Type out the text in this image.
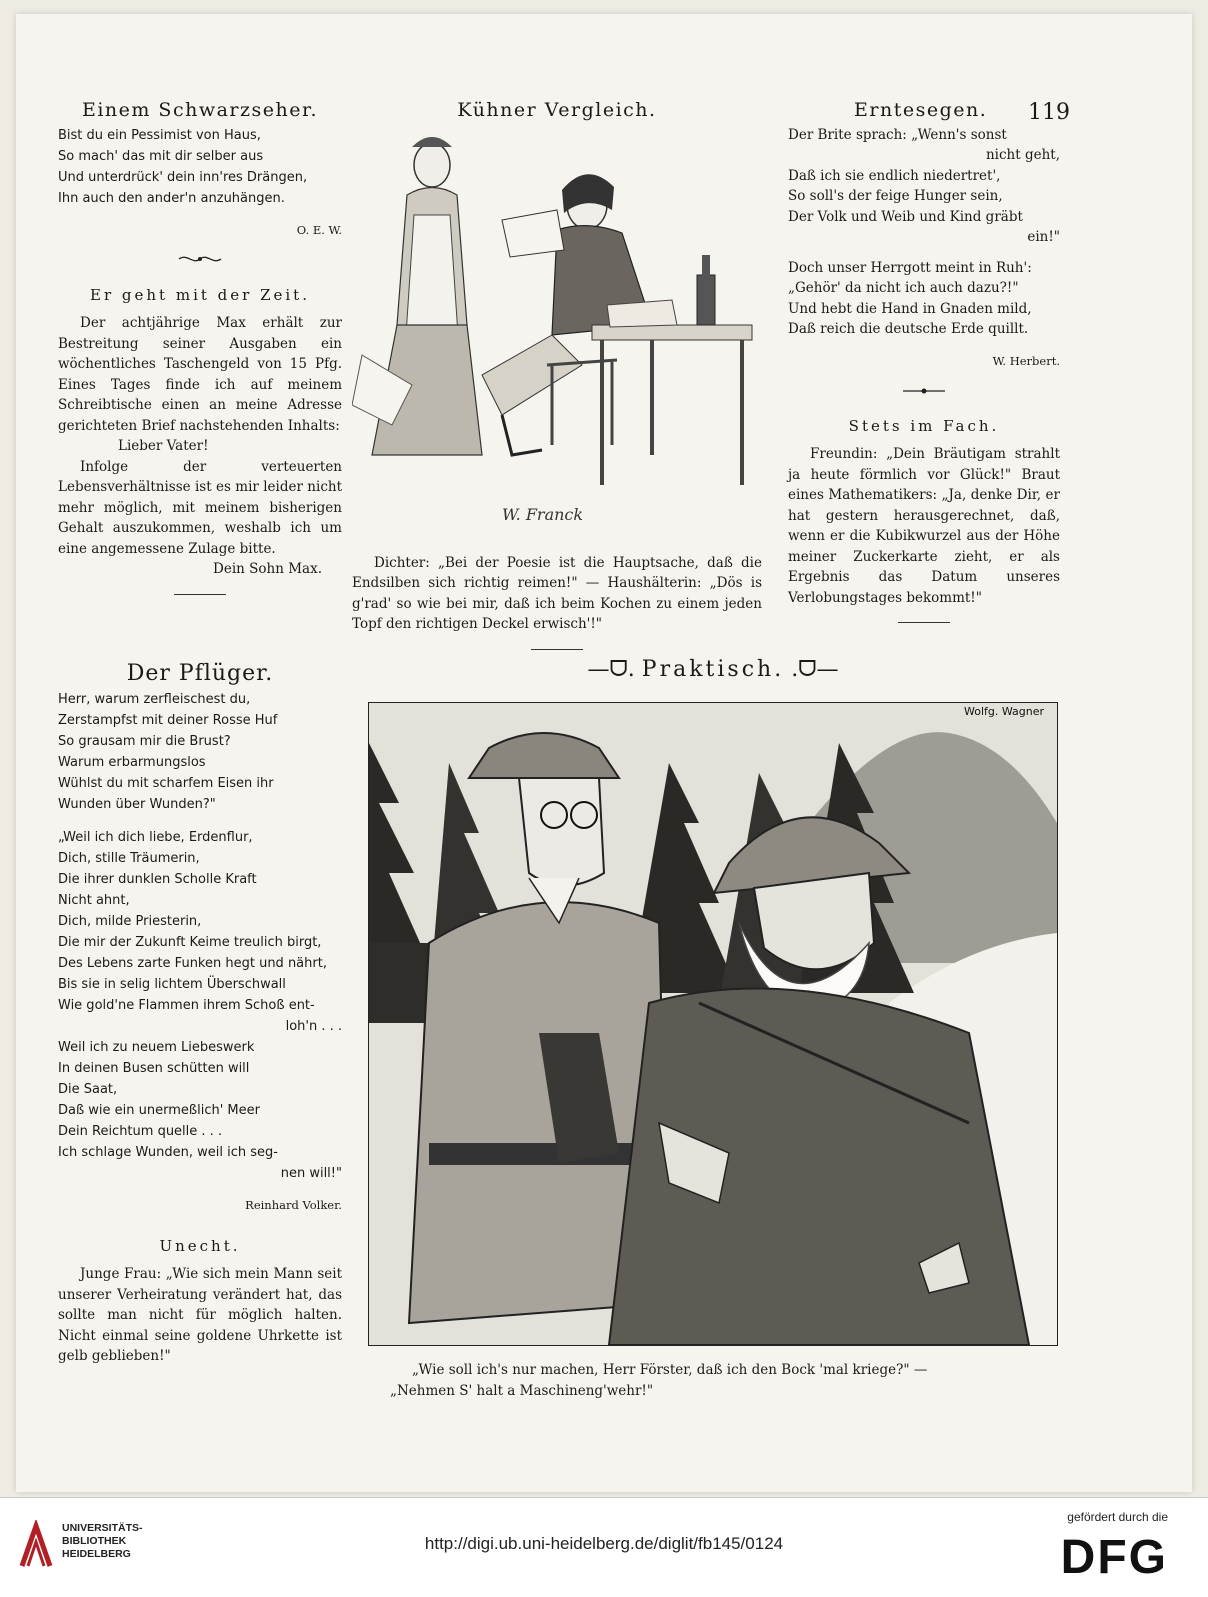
119
Einem Schwarzseher.

Bist du ein Pessimist von Haus,

So mach' das mit dir selber aus

Und unterdrück' dein inn'res Drängen,

Ihn auch den ander'n anzuhängen.

O. E. W.

Er geht mit der Zeit.

Der achtjährige Max erhält zur Bestreitung seiner Ausgaben ein wöchentliches Taschengeld von 15 Pfg. Eines Tages finde ich auf meinem Schreibtische einen an meine Adresse gerichteten Brief nachstehenden Inhalts:

Lieber Vater!

Infolge der verteuerten Lebensverhältnisse ist es mir leider nicht mehr möglich, mit meinem bisherigen Gehalt auszukommen, weshalb ich um eine angemessene Zulage bitte.

Dein Sohn Max.

Kühner Vergleich.
W. Franck

Dichter: „Bei der Poesie ist die Hauptsache, daß die Endsilben sich richtig reimen!" — Haushälterin: „Dös is g'rad' so wie bei mir, daß ich beim Kochen zu einem jeden Topf den richtigen Deckel erwisch'!"

Erntesegen.

Der Brite sprach: „Wenn's sonst

nicht geht,

Daß ich sie endlich niedertret',

So soll's der feige Hunger sein,

Der Volk und Weib und Kind gräbt

ein!"

Doch unser Herrgott meint in Ruh':

„Gehör' da nicht ich auch dazu?!"

Und hebt die Hand in Gnaden mild,

Daß reich die deutsche Erde quillt.

W. Herbert.

Stets im Fach.

Freundin: „Dein Bräutigam strahlt ja heute förmlich vor Glück!" Braut eines Mathematikers: „Ja, denke Dir, er hat gestern herausgerechnet, daß, wenn er die Kubikwurzel aus der Höhe meiner Zuckerkarte zieht, er als Ergebnis das Datum unseres Verlobungstages bekommt!"

Der Pflüger.

Herr, warum zerfleischest du,

Zerstampfst mit deiner Rosse Huf

So grausam mir die Brust?

Warum erbarmungslos

Wühlst du mit scharfem Eisen ihr

Wunden über Wunden?"

„Weil ich dich liebe, Erdenflur,

Dich, stille Träumerin,

Die ihrer dunklen Scholle Kraft

Nicht ahnt,

Dich, milde Priesterin,

Die mir der Zukunft Keime treulich birgt,

Des Lebens zarte Funken hegt und nährt,

Bis sie in selig lichtem Überschwall

Wie gold'ne Flammen ihrem Schoß ent-

loh'n . . .

Weil ich zu neuem Liebeswerk

In deinen Busen schütten will

Die Saat,

Daß wie ein unermeßlich' Meer

Dein Reichtum quelle . . .

Ich schlage Wunden, weil ich seg-

nen will!"

Reinhard Volker.

Unecht.

Junge Frau: „Wie sich mein Mann seit unserer Verheiratung verändert hat, das sollte man nicht für möglich halten. Nicht einmal seine goldene Uhrkette ist gelb geblieben!"

—ᗜ. Praktisch. .ᗜ—
Wolfg. Wagner

„Wie soll ich's nur machen, Herr Förster, daß ich den Bock 'mal kriege?" —

„Nehmen S' halt a Maschineng'wehr!"

UNIVERSITÄTS-
BIBLIOTHEK
HEIDELBERG
http://digi.ub.uni-heidelberg.de/diglit/fb145/0124
gefördert durch die
DFG
